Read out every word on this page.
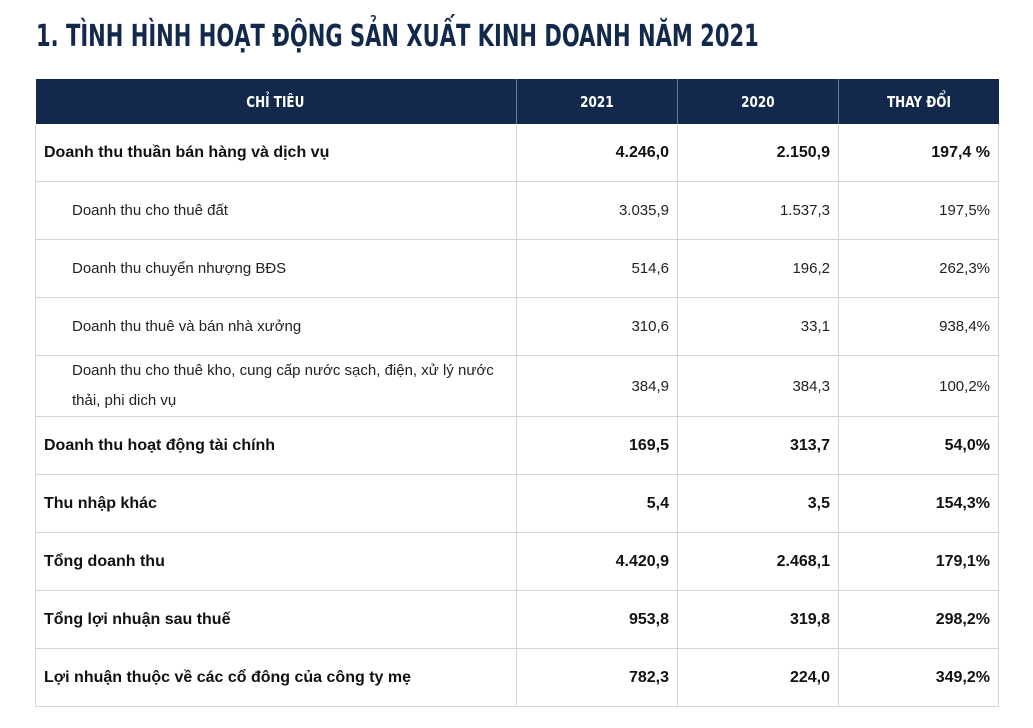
1. TÌNH HÌNH HOẠT ĐỘNG SẢN XUẤT KINH DOANH NĂM 2021
CHỈ TIÊU	2021	2020	THAY ĐỔI
Doanh thu thuần bán hàng và dịch vụ	4.246,0	2.150,9	197,4 %
Doanh thu cho thuê đất	3.035,9	1.537,3	197,5%
Doanh thu chuyển nhượng BĐS	514,6	196,2	262,3%
Doanh thu thuê và bán nhà xưởng	310,6	33,1	938,4%
Doanh thu cho thuê kho, cung cấp nước sạch, điện, xử lý nước thải, phi dich vụ	384,9	384,3	100,2%
Doanh thu hoạt động tài chính	169,5	313,7	54,0%
Thu nhập khác	5,4	3,5	154,3%
Tổng doanh thu	4.420,9	2.468,1	179,1%
Tổng lợi nhuận sau thuế	953,8	319,8	298,2%
Lợi nhuận thuộc về các cổ đông của công ty mẹ	782,3	224,0	349,2%
